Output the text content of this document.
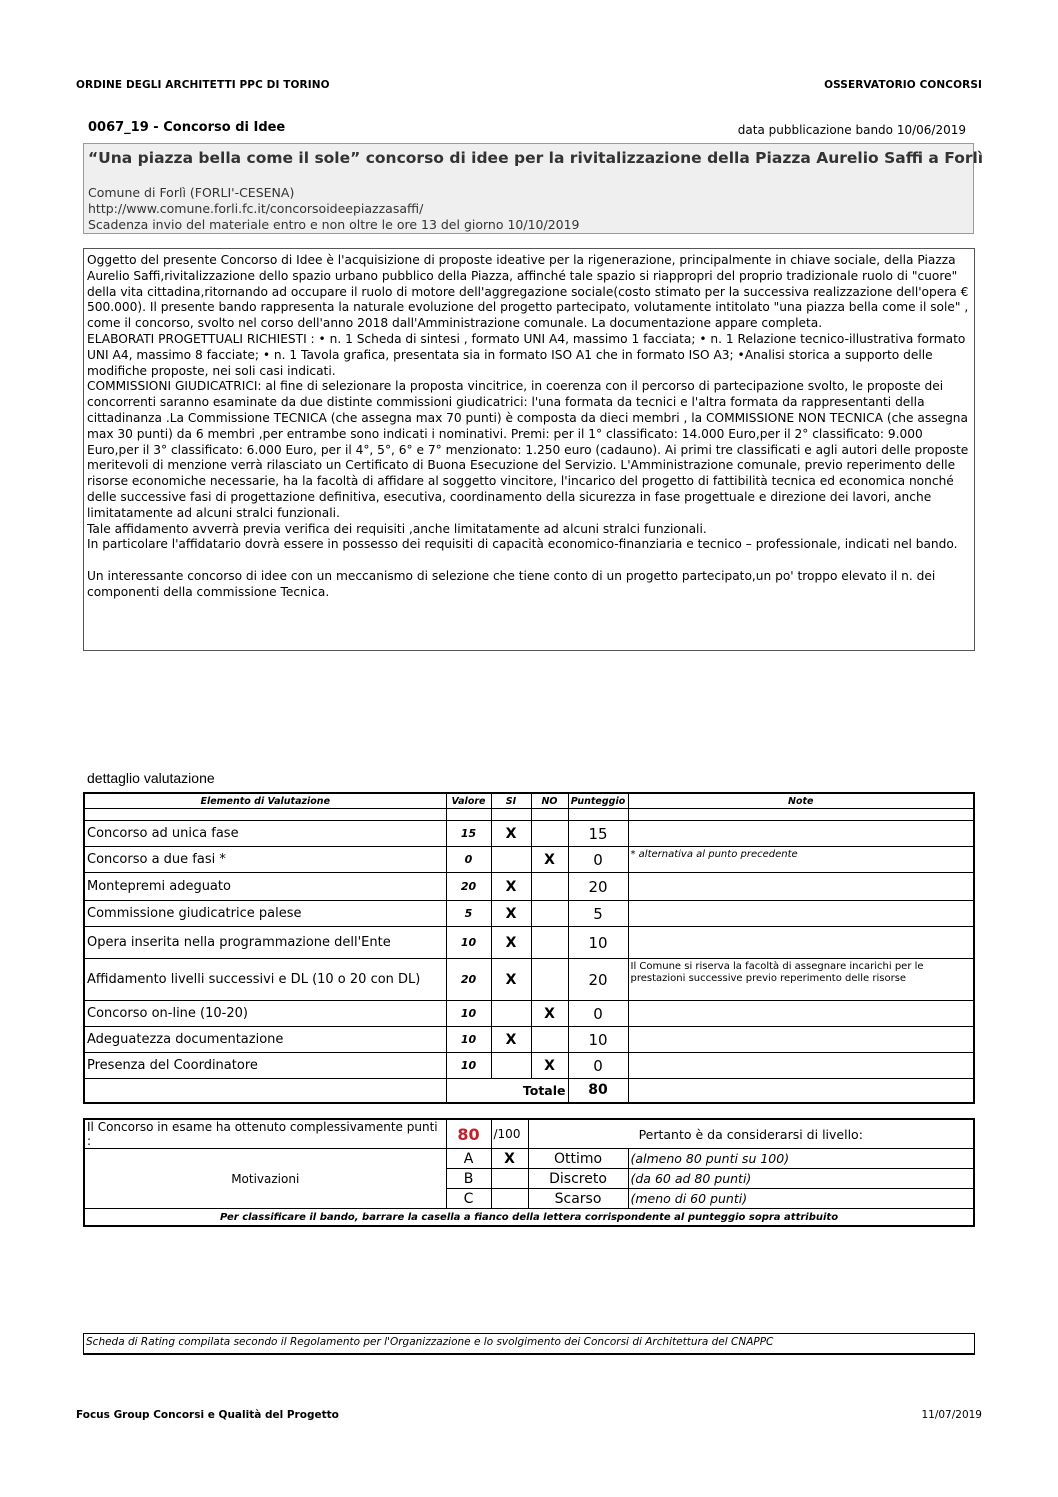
ORDINE DEGLI ARCHITETTI PPC DI TORINO	OSSERVATORIO CONCORSI
0067_19 - Concorso di Idee	data pubblicazione bando 10/06/2019
“Una piazza bella come il sole” concorso di idee per la rivitalizzazione della Piazza Aurelio Saffi a Forlì
Comune di Forlì (FORLI'-CESENA)
http://www.comune.forli.fc.it/concorsoideepiazzasaffi/
Scadenza invio del materiale entro e non oltre le ore 13 del giorno 10/10/2019

Oggetto del presente Concorso di Idee è l'acquisizione di proposte ideative per la rigenerazione, principalmente in chiave sociale, della Piazza Aurelio Saffi,rivitalizzazione dello spazio urbano pubblico della Piazza, affinché tale spazio si riappropri del proprio tradizionale ruolo di "cuore" della vita cittadina,ritornando ad occupare il ruolo di motore dell'aggregazione sociale(costo stimato per la successiva realizzazione dell'opera € 500.000). Il presente bando rappresenta la naturale evoluzione del progetto partecipato, volutamente intitolato "una piazza bella come il sole" , come il concorso, svolto nel corso dell'anno 2018 dall'Amministrazione comunale. La documentazione appare completa.

ELABORATI PROGETTUALI RICHIESTI : • n. 1 Scheda di sintesi , formato UNI A4, massimo 1 facciata; • n. 1 Relazione tecnico-illustrativa formato UNI A4, massimo 8 facciate; • n. 1 Tavola grafica, presentata sia in formato ISO A1 che in formato ISO A3; •Analisi storica a supporto delle modifiche proposte, nei soli casi indicati.

COMMISSIONI GIUDICATRICI: al fine di selezionare la proposta vincitrice, in coerenza con il percorso di partecipazione svolto, le proposte dei concorrenti saranno esaminate da due distinte commissioni giudicatrici: l'una formata da tecnici e l'altra formata da rappresentanti della cittadinanza .La Commissione TECNICA (che assegna max 70 punti) è composta da dieci membri , la COMMISSIONE NON TECNICA (che assegna max 30 punti) da 6 membri ,per entrambe sono indicati i nominativi. Premi: per il 1° classificato: 14.000 Euro,per il 2° classificato: 9.000 Euro,per il 3° classificato: 6.000 Euro, per il 4°, 5°, 6° e 7° menzionato: 1.250 euro (cadauno). Ai primi tre classificati e agli autori delle proposte meritevoli di menzione verrà rilasciato un Certificato di Buona Esecuzione del Servizio. L'Amministrazione comunale, previo reperimento delle risorse economiche necessarie, ha la facoltà di affidare al soggetto vincitore, l'incarico del progetto di fattibilità tecnica ed economica nonché delle successive fasi di progettazione definitiva, esecutiva, coordinamento della sicurezza in fase progettuale e direzione dei lavori, anche limitatamente ad alcuni stralci funzionali.

Tale affidamento avverrà previa verifica dei requisiti ,anche limitatamente ad alcuni stralci funzionali.

In particolare l'affidatario dovrà essere in possesso dei requisiti di capacità economico-finanziaria e tecnico – professionale, indicati nel bando.

Un interessante concorso di idee con un meccanismo di selezione che tiene conto di un progetto partecipato,un po' troppo elevato il n. dei componenti della commissione Tecnica.

dettaglio valutazione
Elemento di Valutazione	Valore	SI	NO	Punteggio	Note

Concorso ad unica fase	15	X		15	
Concorso a due fasi *	0		X	0	* alternativa al punto precedente
Montepremi adeguato	20	X		20	
Commissione giudicatrice palese	5	X		5	
Opera inserita nella programmazione dell'Ente	10	X		10	
Affidamento livelli successivi e DL (10 o 20 con DL)	20	X		20	Il Comune si riserva la facoltà di assegnare incarichi per le prestazioni successive previo reperimento delle risorse
Concorso on-line (10-20)	10		X	0	
Adeguatezza documentazione	10	X		10	
Presenza del Coordinatore	10		X	0	
	Totale			80	
Il Concorso in esame ha ottenuto complessivamente punti :	80	/100	Pertanto è da considerarsi di livello:	
Motivazioni	A	X	Ottimo	(almeno 80 punti su 100)
	B		Discreto	(da 60 ad 80 punti)
	C		Scarso	(meno di 60 punti)
Per classificare il bando, barrare la casella a fianco della lettera corrispondente al punteggio sopra attribuito				
Scheda di Rating compilata secondo il Regolamento per l'Organizzazione e lo svolgimento dei Concorsi di Architettura del CNAPPC
Focus Group Concorsi e Qualità del Progetto	11/07/2019
